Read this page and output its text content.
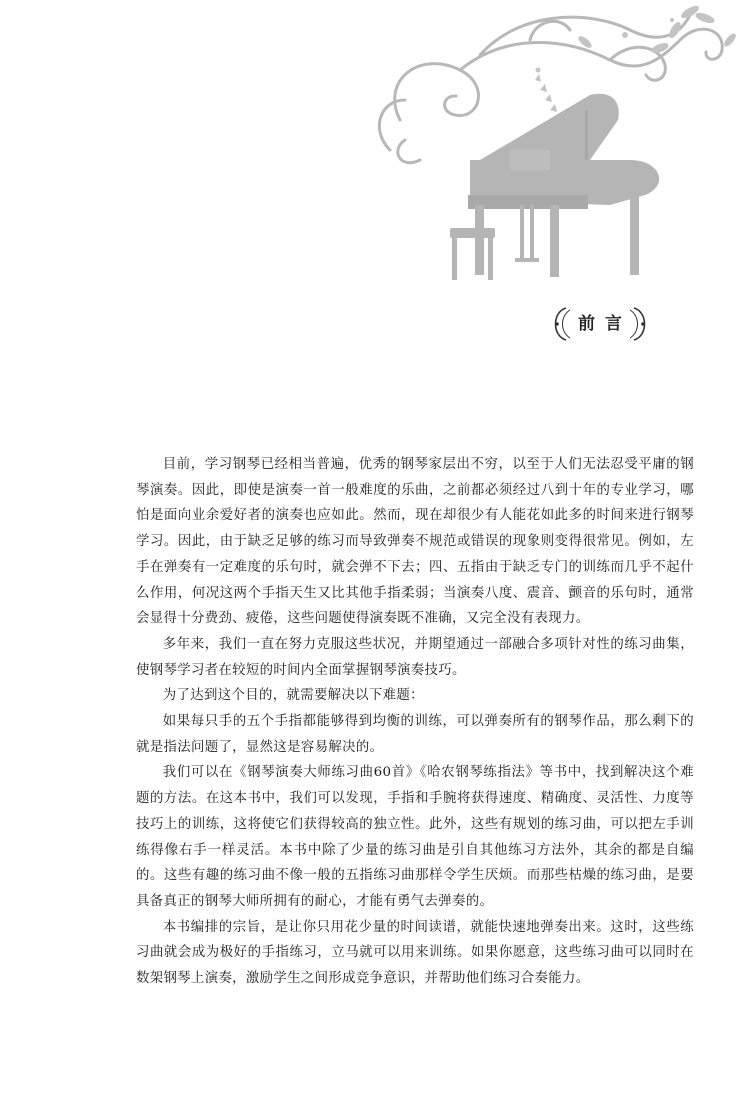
前言

目前，学习钢琴已经相当普遍，优秀的钢琴家层出不穷，以至于人们无法忍受平庸的钢琴演奏。因此，即使是演奏一首一般难度的乐曲，之前都必须经过八到十年的专业学习，哪怕是面向业余爱好者的演奏也应如此。然而，现在却很少有人能花如此多的时间来进行钢琴学习。因此，由于缺乏足够的练习而导致弹奏不规范或错误的现象则变得很常见。例如，左手在弹奏有一定难度的乐句时，就会弹不下去；四、五指由于缺乏专门的训练而几乎不起什么作用，何况这两个手指天生又比其他手指柔弱；当演奏八度、震音、颤音的乐句时，通常会显得十分费劲、疲倦，这些问题使得演奏既不准确，又完全没有表现力。

多年来，我们一直在努力克服这些状况，并期望通过一部融合多项针对性的练习曲集，使钢琴学习者在较短的时间内全面掌握钢琴演奏技巧。

为了达到这个目的，就需要解决以下难题：

如果每只手的五个手指都能够得到均衡的训练，可以弹奏所有的钢琴作品，那么剩下的就是指法问题了，显然这是容易解决的。

我们可以在《钢琴演奏大师练习曲60首》《哈农钢琴练指法》等书中，找到解决这个难题的方法。在这本书中，我们可以发现，手指和手腕将获得速度、精确度、灵活性、力度等技巧上的训练，这将使它们获得较高的独立性。此外，这些有规划的练习曲，可以把左手训练得像右手一样灵活。本书中除了少量的练习曲是引自其他练习方法外，其余的都是自编的。这些有趣的练习曲不像一般的五指练习曲那样令学生厌烦。而那些枯燥的练习曲，是要具备真正的钢琴大师所拥有的耐心，才能有勇气去弹奏的。

本书编排的宗旨，是让你只用花少量的时间读谱，就能快速地弹奏出来。这时，这些练习曲就会成为极好的手指练习，立马就可以用来训练。如果你愿意，这些练习曲可以同时在数架钢琴上演奏，激励学生之间形成竞争意识，并帮助他们练习合奏能力。
